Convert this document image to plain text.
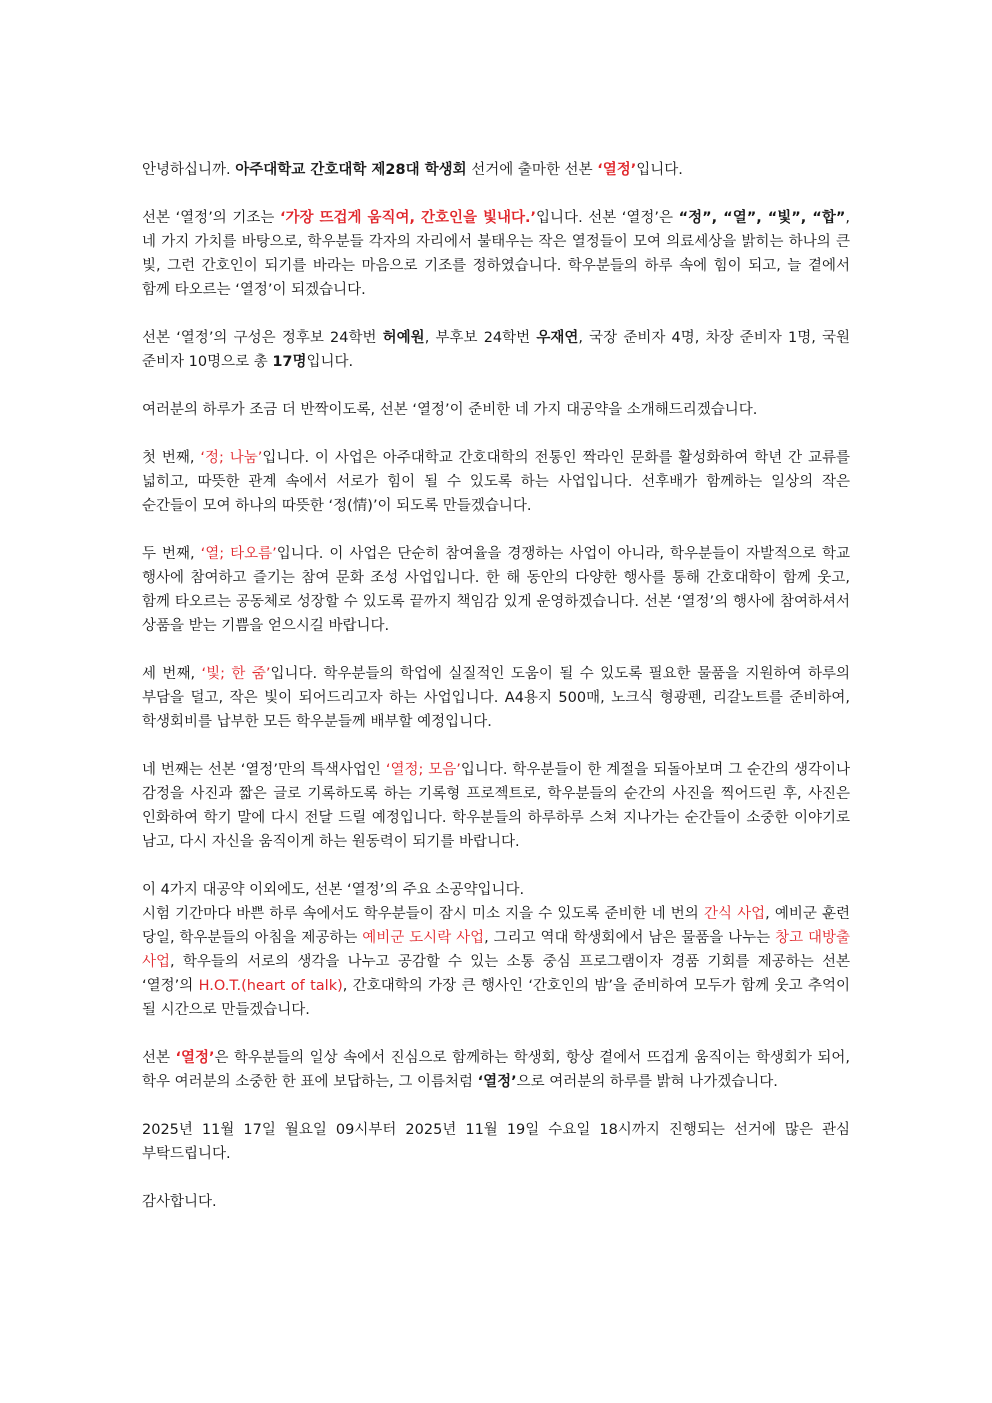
안녕하십니까. 아주대학교 간호대학 제28대 학생회 선거에 출마한 선본 ‘열정’입니다.

선본 ‘열정’의 기조는 ‘가장 뜨겁게 움직여, 간호인을 빛내다.’입니다. 선본 ‘열정’은 “정”, “열”, “빛”, “합”, 네 가지 가치를 바탕으로, 학우분들 각자의 자리에서 불태우는 작은 열정들이 모여 의료세상을 밝히는 하나의 큰 빛, 그런 간호인이 되기를 바라는 마음으로 기조를 정하였습니다. 학우분들의 하루 속에 힘이 되고, 늘 곁에서 함께 타오르는 ‘열정’이 되겠습니다.

선본 ‘열정’의 구성은 정후보 24학번 허예원, 부후보 24학번 우재연, 국장 준비자 4명, 차장 준비자 1명, 국원 준비자 10명으로 총 17명입니다.

여러분의 하루가 조금 더 반짝이도록, 선본 ‘열정’이 준비한 네 가지 대공약을 소개해드리겠습니다.

첫 번째, ‘정; 나눔’입니다. 이 사업은 아주대학교 간호대학의 전통인 짝라인 문화를 활성화하여 학년 간 교류를 넓히고, 따뜻한 관계 속에서 서로가 힘이 될 수 있도록 하는 사업입니다. 선후배가 함께하는 일상의 작은 순간들이 모여 하나의 따뜻한 ‘정(情)’이 되도록 만들겠습니다.

두 번째, ‘열; 타오름’입니다. 이 사업은 단순히 참여율을 경쟁하는 사업이 아니라, 학우분들이 자발적으로 학교 행사에 참여하고 즐기는 참여 문화 조성 사업입니다. 한 해 동안의 다양한 행사를 통해 간호대학이 함께 웃고, 함께 타오르는 공동체로 성장할 수 있도록 끝까지 책임감 있게 운영하겠습니다. 선본 ‘열정’의 행사에 참여하셔서 상품을 받는 기쁨을 얻으시길 바랍니다.

세 번째, ‘빛; 한 줌’입니다. 학우분들의 학업에 실질적인 도움이 될 수 있도록 필요한 물품을 지원하여 하루의 부담을 덜고, 작은 빛이 되어드리고자 하는 사업입니다. A4용지 500매, 노크식 형광펜, 리갈노트를 준비하여, 학생회비를 납부한 모든 학우분들께 배부할 예정입니다.

네 번째는 선본 ‘열정’만의 특색사업인 ‘열정; 모음’입니다. 학우분들이 한 계절을 되돌아보며 그 순간의 생각이나 감정을 사진과 짧은 글로 기록하도록 하는 기록형 프로젝트로, 학우분들의 순간의 사진을 찍어드린 후, 사진은 인화하여 학기 말에 다시 전달 드릴 예정입니다. 학우분들의 하루하루 스쳐 지나가는 순간들이 소중한 이야기로 남고, 다시 자신을 움직이게 하는 원동력이 되기를 바랍니다.

이 4가지 대공약 이외에도, 선본 ‘열정’의 주요 소공약입니다.

시험 기간마다 바쁜 하루 속에서도 학우분들이 잠시 미소 지을 수 있도록 준비한 네 번의 간식 사업, 예비군 훈련 당일, 학우분들의 아침을 제공하는 예비군 도시락 사업, 그리고 역대 학생회에서 남은 물품을 나누는 창고 대방출 사업, 학우들의 서로의 생각을 나누고 공감할 수 있는 소통 중심 프로그램이자 경품 기회를 제공하는 선본 ‘열정’의 H.O.T.(heart of talk), 간호대학의 가장 큰 행사인 ‘간호인의 밤’을 준비하여 모두가 함께 웃고 추억이 될 시간으로 만들겠습니다.

선본 ‘열정’은 학우분들의 일상 속에서 진심으로 함께하는 학생회, 항상 곁에서 뜨겁게 움직이는 학생회가 되어, 학우 여러분의 소중한 한 표에 보답하는, 그 이름처럼 ‘열정’으로 여러분의 하루를 밝혀 나가겠습니다.

2025년 11월 17일 월요일 09시부터 2025년 11월 19일 수요일 18시까지 진행되는 선거에 많은 관심 부탁드립니다.

감사합니다.
